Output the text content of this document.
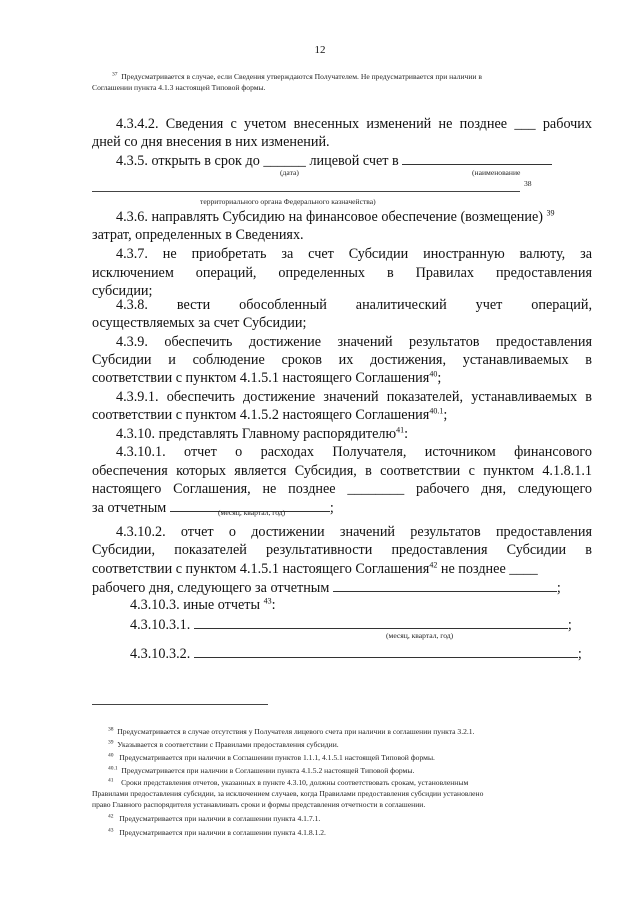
12
$^{37}$ Предусматривается в случае, если Сведения утверждаются Получателем. Не предусматривается при наличии в
Соглашении пункта 4.1.3 настоящей Типовой формы.
4.3.4.2. Сведения с учетом внесенных изменений не позднее ___ рабочих
дней со дня внесения в них изменений.
4.3.5. открыть в срок до ______ лицевой счет в
(дата)	(наименование
38
территориального органа Федерального казначейства)
4.3.6. направлять Субсидию на финансовое обеспечение (возмещение) $^{39}$
затрат, определенных в Сведениях.
4.3.7. не приобретать за счет Субсидии иностранную валюту, за
исключением операций, определенных в Правилах предоставления
субсидии;
4.3.8. вести обособленный аналитический учет операций,
осуществляемых за счет Субсидии;
4.3.9. обеспечить достижение значений результатов предоставления
Субсидии и соблюдение сроков их достижения, устанавливаемых в
соответствии с пунктом 4.1.5.1 настоящего Соглашения$^{40}$;
4.3.9.1. обеспечить достижение значений показателей, устанавливаемых в
соответствии с пунктом 4.1.5.2 настоящего Соглашения$^{40.1}$;
4.3.10. представлять Главному распорядителю$^{41}$:
4.3.10.1. отчет о расходах Получателя, источником финансового
обеспечения которых является Субсидия, в соответствии с пунктом 4.1.8.1.1
настоящего Соглашения, не позднее ________ рабочего дня, следующего
за отчетным	;
(месяц, квартал, год)
4.3.10.2. отчет о достижении значений результатов предоставления
Субсидии, показателей результативности предоставления Субсидии в
соответствии с пунктом 4.1.5.1 настоящего Соглашения$^{42}$ не позднее ____
рабочего дня, следующего за отчетным	;
4.3.10.3. иные отчеты $^{43}$:
4.3.10.3.1.	;
(месяц, квартал, год)
4.3.10.3.2.	;
$^{38}$ Предусматривается в случае отсутствия у Получателя лицевого счета при наличии в соглашении пункта 3.2.1.
$^{39}$ Указывается в соответствии с Правилами предоставления субсидии.
$^{40}$ Предусматривается при наличии в Соглашении пунктов 1.1.1, 4.1.5.1 настоящей Типовой формы.
$^{40.1}$ Предусматривается при наличии в Соглашении пункта 4.1.5.2 настоящей Типовой формы.
$^{41}$ Сроки представления отчетов, указанных в пункте 4.3.10, должны соответствовать срокам, установленным
Правилами предоставления субсидии, за исключением случаев, когда Правилами предоставления субсидии установлено
право Главного распорядителя устанавливать сроки и формы представления отчетности в соглашении.
$^{42}$ Предусматривается при наличии в соглашении пункта 4.1.7.1.
$^{43}$ Предусматривается при наличии в соглашении пункта 4.1.8.1.2.
